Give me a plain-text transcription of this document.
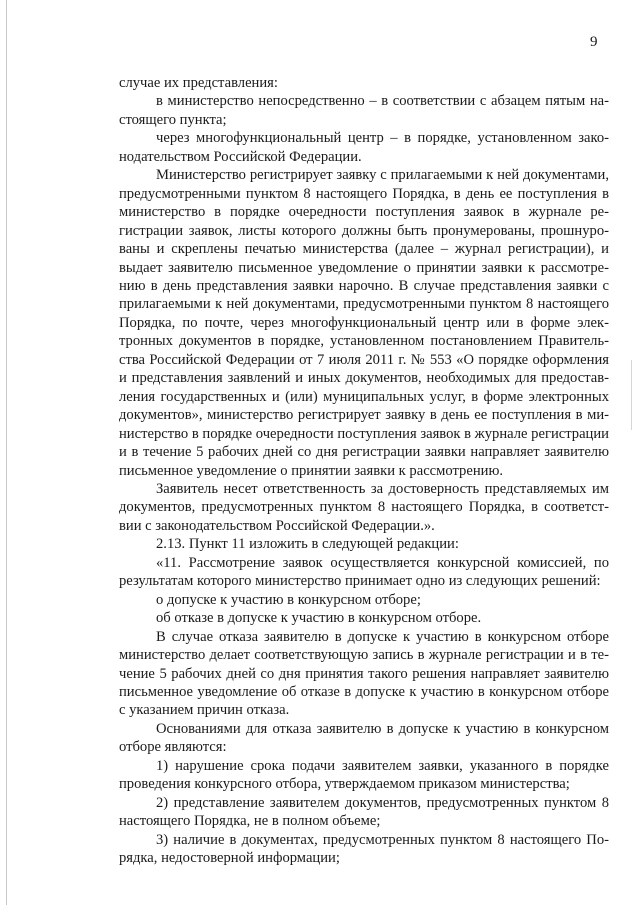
9

случае их представления:

в министерство непосредственно – в соответствии с абзацем пятым настоящего пункта;

через многофункциональный центр – в порядке, установленном законодательством Российской Федерации.

Министерство регистрирует заявку с прилагаемыми к ней документами, предусмотренными пунктом 8 настоящего Порядка, в день ее поступления в министерство в порядке очередности поступления заявок в журнале регистрации заявок, листы которого должны быть пронумерованы, прошнурованы и скреплены печатью министерства (далее – журнал регистрации), и выдает заявителю письменное уведомление о принятии заявки к рассмотрению в день представления заявки нарочно. В случае представления заявки с прилагаемыми к ней документами, предусмотренными пунктом 8 настоящего Порядка, по почте, через многофункциональный центр или в форме электронных документов в порядке, установленном постановлением Правительства Российской Федерации от 7 июля 2011 г. № 553 «О порядке оформления и представления заявлений и иных документов, необходимых для предоставления государственных и (или) муниципальных услуг, в форме электронных документов», министерство регистрирует заявку в день ее поступления в министерство в порядке очередности поступления заявок в журнале регистрации и в течение 5 рабочих дней со дня регистрации заявки направляет заявителю письменное уведомление о принятии заявки к рассмотрению.

Заявитель несет ответственность за достоверность представляемых им документов, предусмотренных пунктом 8 настоящего Порядка, в соответствии с законодательством Российской Федерации.».

2.13. Пункт 11 изложить в следующей редакции:

«11. Рассмотрение заявок осуществляется конкурсной комиссией, по результатам которого министерство принимает одно из следующих решений:

о допуске к участию в конкурсном отборе;

об отказе в допуске к участию в конкурсном отборе.

В случае отказа заявителю в допуске к участию в конкурсном отборе министерство делает соответствующую запись в журнале регистрации и в течение 5 рабочих дней со дня принятия такого решения направляет заявителю письменное уведомление об отказе в допуске к участию в конкурсном отборе с указанием причин отказа.

Основаниями для отказа заявителю в допуске к участию в конкурсном отборе являются:

1) нарушение срока подачи заявителем заявки, указанного в порядке проведения конкурсного отбора, утверждаемом приказом министерства;

2) представление заявителем документов, предусмотренных пунктом 8 настоящего Порядка, не в полном объеме;

3) наличие в документах, предусмотренных пунктом 8 настоящего Порядка, недостоверной информации;
